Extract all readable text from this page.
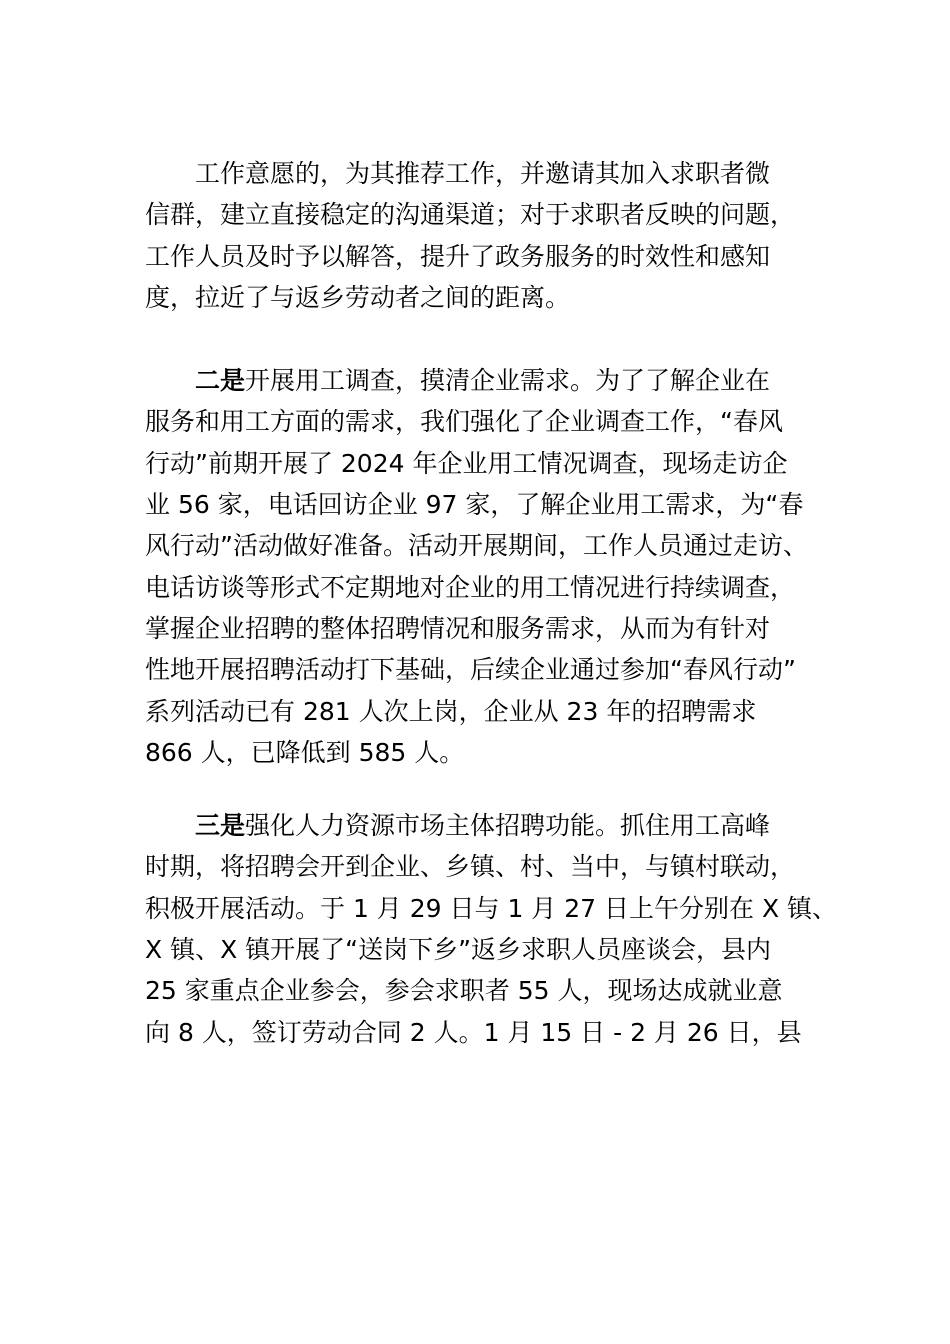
工作意愿的，为其推荐工作，并邀请其加入求职者微
信群，建立直接稳定的沟通渠道；对于求职者反映的问题，
工作人员及时予以解答，提升了政务服务的时效性和感知
度，拉近了与返乡劳动者之间的距离。
二是开展用工调查，摸清企业需求。为了了解企业在
服务和用工方面的需求，我们强化了企业调查工作，“春风
行动”前期开展了 2024 年企业用工情况调查，现场走访企
业 56 家，电话回访企业 97 家，了解企业用工需求，为“春
风行动”活动做好准备。活动开展期间，工作人员通过走访、
电话访谈等形式不定期地对企业的用工情况进行持续调查，
掌握企业招聘的整体招聘情况和服务需求，从而为有针对
性地开展招聘活动打下基础，后续企业通过参加“春风行动”
系列活动已有 281 人次上岗，企业从 23 年的招聘需求
866 人，已降低到 585 人。
三是强化人力资源市场主体招聘功能。抓住用工高峰
时期，将招聘会开到企业、乡镇、村、当中，与镇村联动，
积极开展活动。于 1 月 29 日与 1 月 27 日上午分别在 X 镇、
X 镇、X 镇开展了“送岗下乡”返乡求职人员座谈会，县内
25 家重点企业参会，参会求职者 55 人，现场达成就业意
向 8 人，签订劳动合同 2 人。1 月 15 日 - 2 月 26 日，县
